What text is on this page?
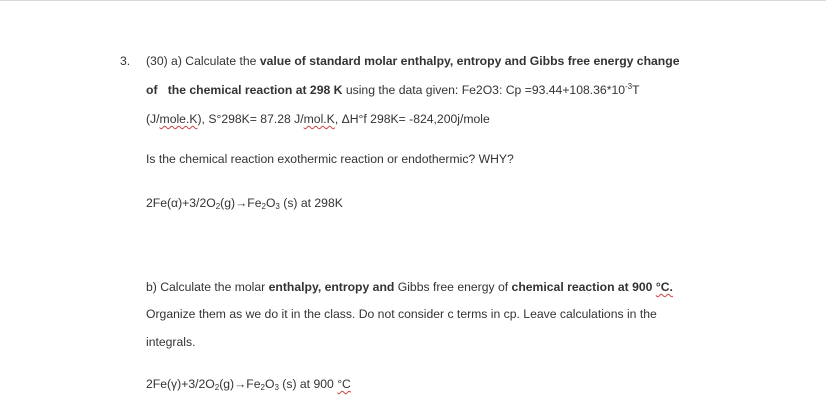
3. (30) a) Calculate the value of standard molar enthalpy, entropy and Gibbs free energy change
of the chemical reaction at 298 K using the data given: Fe2O3: $Cp =93.44+108.36*10^{-3}T$
(J/mole.K), S°298K= 87.28 J/mol.K, ΔH°f 298K= -824,200j/mole
Is the chemical reaction exothermic reaction or endothermic? WHY?
$2Fe(\alpha)+3/2O_2(g)\to Fe_2O_3$ (s) at 298K
b) Calculate the molar enthalpy, entropy and Gibbs free energy of chemical reaction at 900 °C.
Organize them as we do it in the class. Do not consider c terms in cp. Leave calculations in the
integrals.
$2Fe(\gamma)+3/2O_2(g)\to Fe_2O_3$ (s) at 900 °C
